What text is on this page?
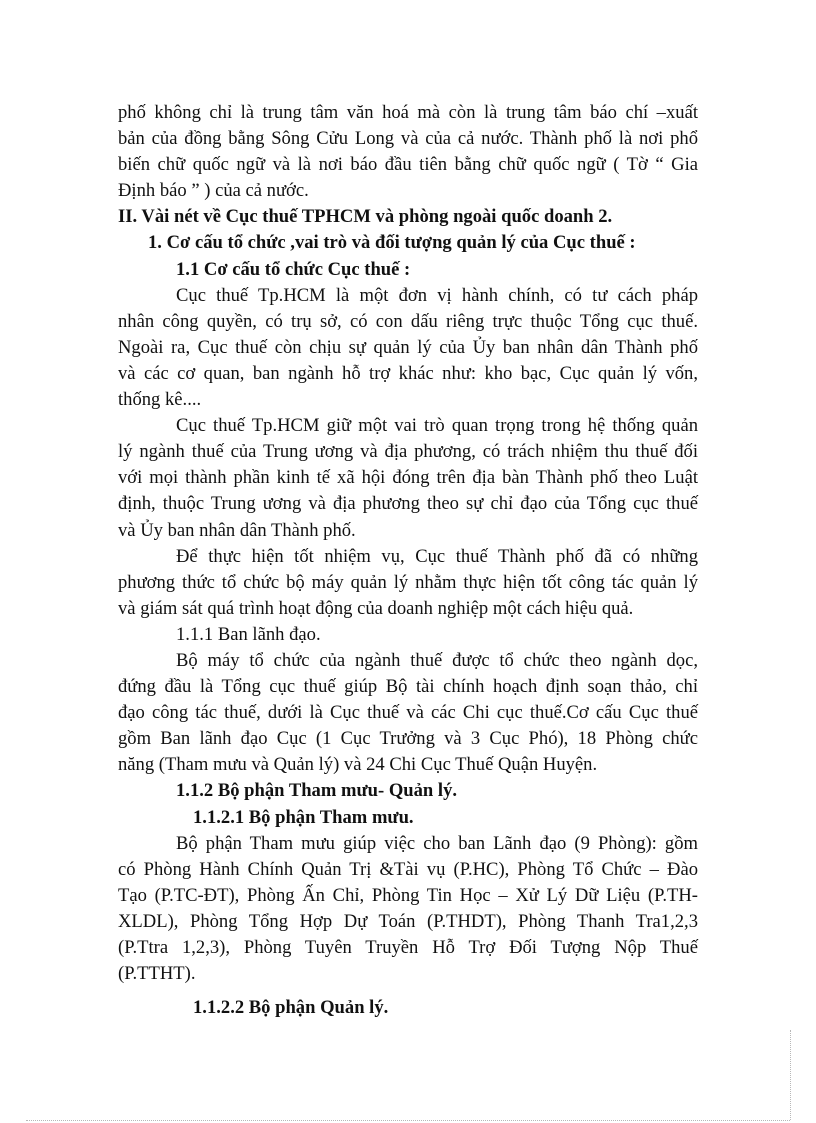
phố không chỉ là trung tâm văn hoá mà còn là trung tâm báo chí –xuất
bản của đồng bằng Sông Cửu Long và của cả nước. Thành phố là nơi phổ
biến chữ quốc ngữ và là nơi báo đầu tiên bằng chữ quốc ngữ ( Tờ “ Gia
Định báo ” ) của cả nước.

II. Vài nét về Cục thuế TPHCM và phòng ngoài quốc doanh 2.

1. Cơ cấu tổ chức ,vai trò và đối tượng quản lý của Cục thuế :

1.1 Cơ cấu tổ chức Cục thuế :

Cục thuế Tp.HCM là một đơn vị hành chính, có tư cách pháp
nhân công quyền, có trụ sở, có con dấu riêng trực thuộc Tổng cục thuế.
Ngoài ra, Cục thuế còn chịu sự quản lý của Ủy ban nhân dân Thành phố
và các cơ quan, ban ngành hỗ trợ khác như: kho bạc, Cục quản lý vốn,
thống kê....

Cục thuế Tp.HCM giữ một vai trò quan trọng trong hệ thống quản
lý ngành thuế của Trung ương và địa phương, có trách nhiệm thu thuế đối
với mọi thành phần kinh tế xã hội đóng trên địa bàn Thành phố theo Luật
định, thuộc Trung ương và địa phương theo sự chỉ đạo của Tổng cục thuế
và Ủy ban nhân dân Thành phố.

Để thực hiện tốt nhiệm vụ, Cục thuế Thành phố đã có những
phương thức tổ chức bộ máy quản lý nhằm thực hiện tốt công tác quản lý
và giám sát quá trình hoạt động của doanh nghiệp một cách hiệu quả.

1.1.1 Ban lãnh đạo.

Bộ máy tổ chức của ngành thuế được tổ chức theo ngành dọc,
đứng đầu là Tổng cục thuế giúp Bộ tài chính hoạch định soạn thảo, chỉ
đạo công tác thuế, dưới là Cục thuế và các Chi cục thuế.Cơ cấu Cục thuế
gồm Ban lãnh đạo Cục (1 Cục Trưởng và 3 Cục Phó), 18 Phòng chức
năng (Tham mưu và Quản lý) và 24 Chi Cục Thuế Quận Huyện.

1.1.2 Bộ phận Tham mưu- Quản lý.

1.1.2.1 Bộ phận Tham mưu.

Bộ phận Tham mưu giúp việc cho ban Lãnh đạo (9 Phòng): gồm
có Phòng Hành Chính Quản Trị &Tài vụ (P.HC), Phòng Tổ Chức – Đào
Tạo (P.TC-ĐT), Phòng Ấn Chỉ, Phòng Tin Học – Xử Lý Dữ Liệu (P.TH-
XLDL), Phòng Tổng Hợp Dự Toán (P.THDT), Phòng Thanh Tra1,2,3
(P.Ttra 1,2,3), Phòng Tuyên Truyền Hỗ Trợ Đối Tượng Nộp Thuế
(P.TTHT).

1.1.2.2 Bộ phận Quản lý.
